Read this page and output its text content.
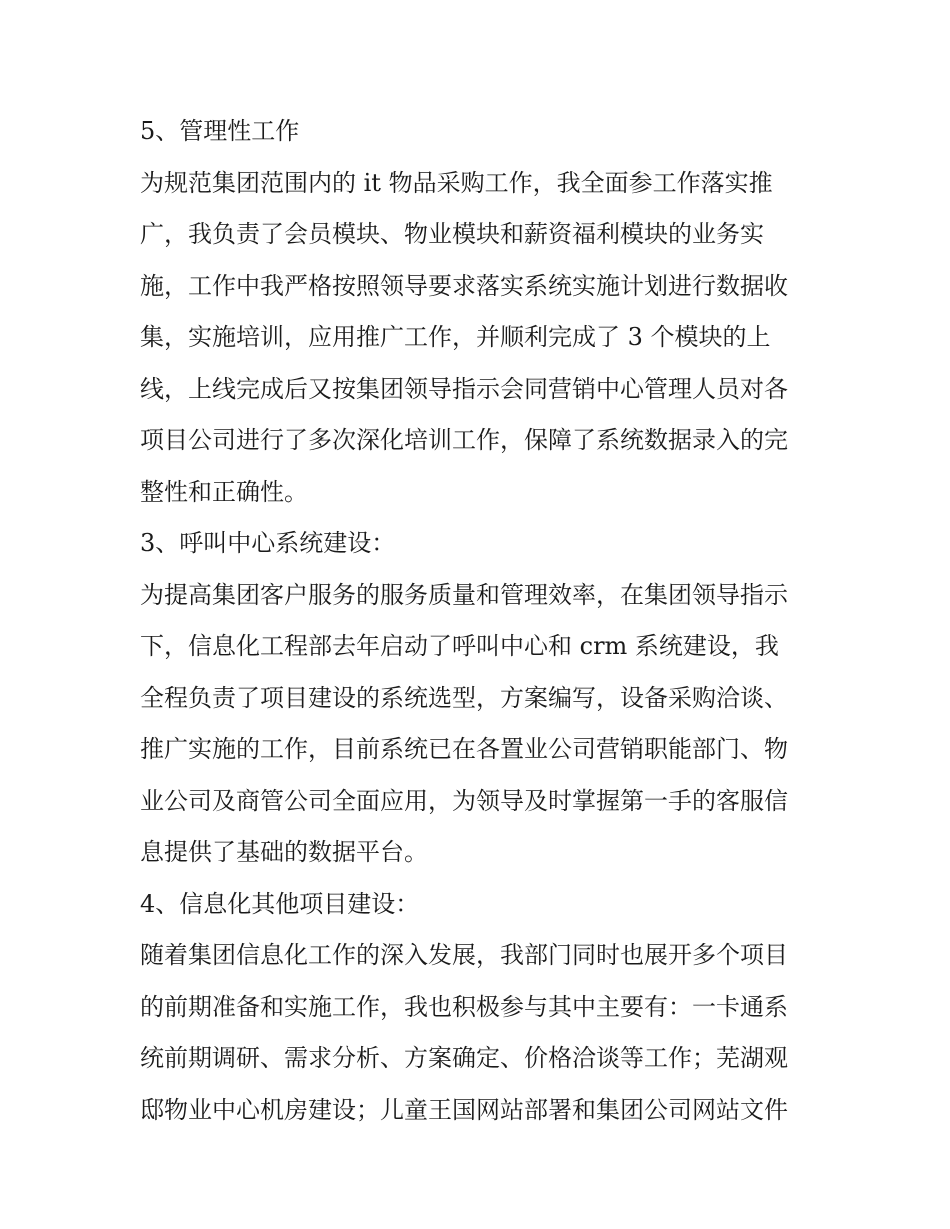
5、管理性工作
为规范集团范围内的 it 物品采购工作，我全面参工作落实推
广，我负责了会员模块、物业模块和薪资福利模块的业务实
施，工作中我严格按照领导要求落实系统实施计划进行数据收
集，实施培训，应用推广工作，并顺利完成了 3 个模块的上
线，上线完成后又按集团领导指示会同营销中心管理人员对各
项目公司进行了多次深化培训工作，保障了系统数据录入的完
整性和正确性。
3、呼叫中心系统建设：
为提高集团客户服务的服务质量和管理效率，在集团领导指示
下，信息化工程部去年启动了呼叫中心和 crm 系统建设，我
全程负责了项目建设的系统选型，方案编写，设备采购洽谈、
推广实施的工作，目前系统已在各置业公司营销职能部门、物
业公司及商管公司全面应用，为领导及时掌握第一手的客服信
息提供了基础的数据平台。
4、信息化其他项目建设：
随着集团信息化工作的深入发展，我部门同时也展开多个项目
的前期准备和实施工作，我也积极参与其中主要有：一卡通系
统前期调研、需求分析、方案确定、价格洽谈等工作；芜湖观
邸物业中心机房建设；儿童王国网站部署和集团公司网站文件
